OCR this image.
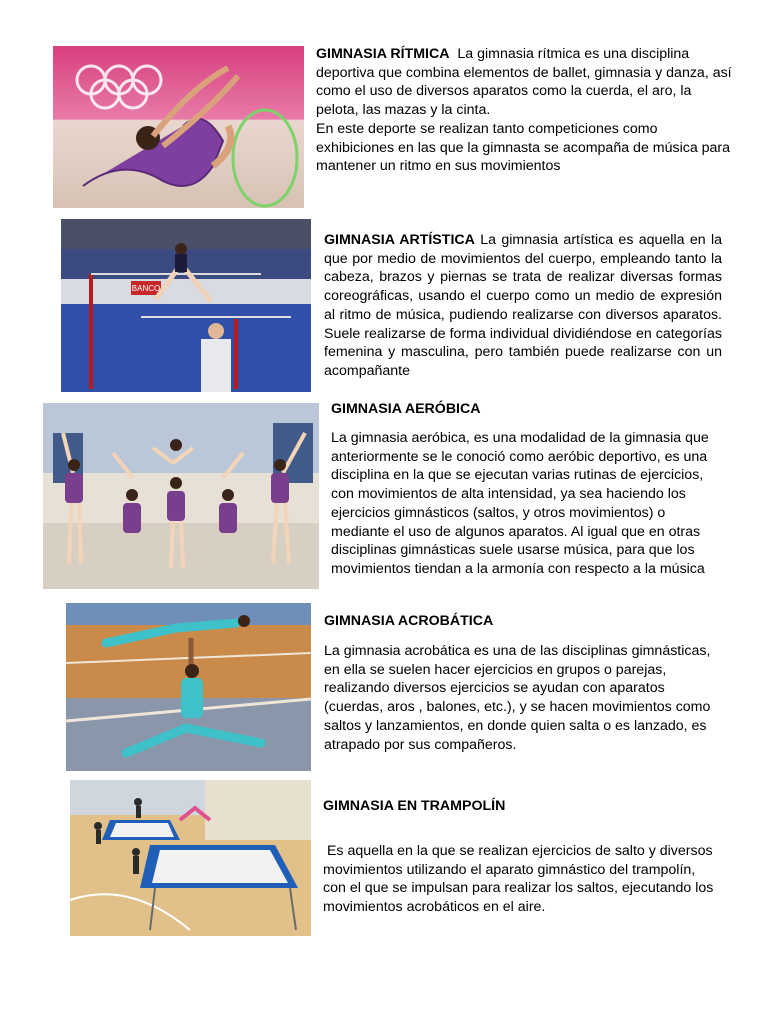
GIMNASIA RÍTMICA La gimnasia rítmica es una disciplina deportiva que combina elementos de ballet, gimnasia y danza, así como el uso de diversos aparatos como la cuerda, el aro, la pelota, las mazas y la cinta.

En este deporte se realizan tanto competiciones como exhibiciones en las que la gimnasta se acompaña de música para mantener un ritmo en sus movimientos

BANCO

GIMNASIA ARTÍSTICA La gimnasia artística es aquella en la que por medio de movimientos del cuerpo, empleando tanto la cabeza, brazos y piernas se trata de realizar diversas formas coreográficas, usando el cuerpo como un medio de expresión al ritmo de música, pudiendo realizarse con diversos aparatos. Suele realizarse de forma individual dividiéndose en categorías femenina y masculina, pero también puede realizarse con un acompañante

GIMNASIA AERÓBICA
La gimnasia aeróbica, es una modalidad de la gimnasia que anteriormente se le conoció como aeróbic deportivo, es una disciplina en la que se ejecutan varias rutinas de ejercicios, con movimientos de alta intensidad, ya sea haciendo los ejercicios gimnásticos (saltos, y otros movimientos) o mediante el uso de algunos aparatos. Al igual que en otras disciplinas gimnásticas suele usarse música, para que los movimientos tiendan a la armonía con respecto a la música
GIMNASIA ACROBÁTICA
La gimnasia acrobática es una de las disciplinas gimnásticas, en ella se suelen hacer ejercicios en grupos o parejas, realizando diversos ejercicios se ayudan con aparatos (cuerdas, aros , balones, etc.), y se hacen movimientos como saltos y lanzamientos, en donde quien salta o es lanzado, es atrapado por sus compañeros.
GIMNASIA EN TRAMPOLÍN
Es aquella en la que se realizan ejercicios de salto y diversos movimientos utilizando el aparato gimnástico del trampolín, con el que se impulsan para realizar los saltos, ejecutando los movimientos acrobáticos en el aire.
